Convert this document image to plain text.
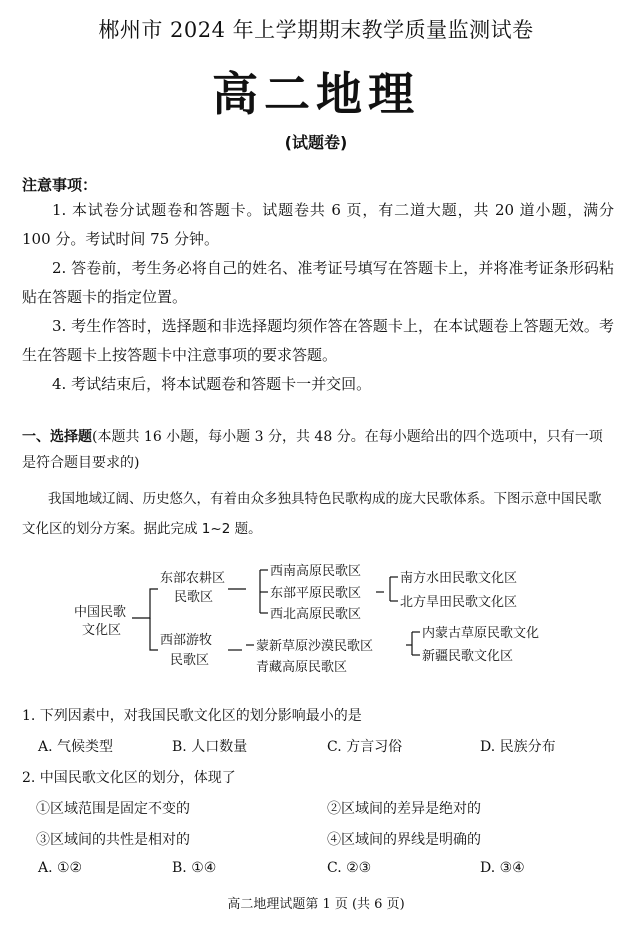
郴州市 2024 年上学期期末教学质量监测试卷
高二地理
(试题卷)
注意事项：
1. 本试卷分试题卷和答题卡。试题卷共 6 页，有二道大题，共 20 道小题，满分 100 分。考试时间 75 分钟。
2. 答卷前，考生务必将自己的姓名、准考证号填写在答题卡上，并将准考证条形码粘贴在答题卡的指定位置。
3. 考生作答时，选择题和非选择题均须作答在答题卡上，在本试题卷上答题无效。考生在答题卡上按答题卡中注意事项的要求答题。
4. 考试结束后，将本试题卷和答题卡一并交回。
一、选择题(本题共 16 小题，每小题 3 分，共 48 分。在每小题给出的四个选项中，只有一项是符合题目要求的)
我国地域辽阔、历史悠久，有着由众多独具特色民歌构成的庞大民歌体系。下图示意中国民歌文化区的划分方案。据此完成 1~2 题。
中国民歌
文化区
东部农耕区
民歌区
西部游牧
民歌区
西南高原民歌区
东部平原民歌区
西北高原民歌区
南方水田民歌文化区
北方旱田民歌文化区
蒙新草原沙漠民歌区
青藏高原民歌区
内蒙古草原民歌文化
新疆民歌文化区
1. 下列因素中，对我国民歌文化区的划分影响最小的是
A. 气候类型	B. 人口数量	C. 方言习俗	D. 民族分布
2. 中国民歌文化区的划分，体现了
①区域范围是固定不变的	②区域间的差异是绝对的
③区域间的共性是相对的	④区域间的界线是明确的
A. ①②	B. ①④	C. ②③	D. ③④
高二地理试题第 1 页 (共 6 页)
